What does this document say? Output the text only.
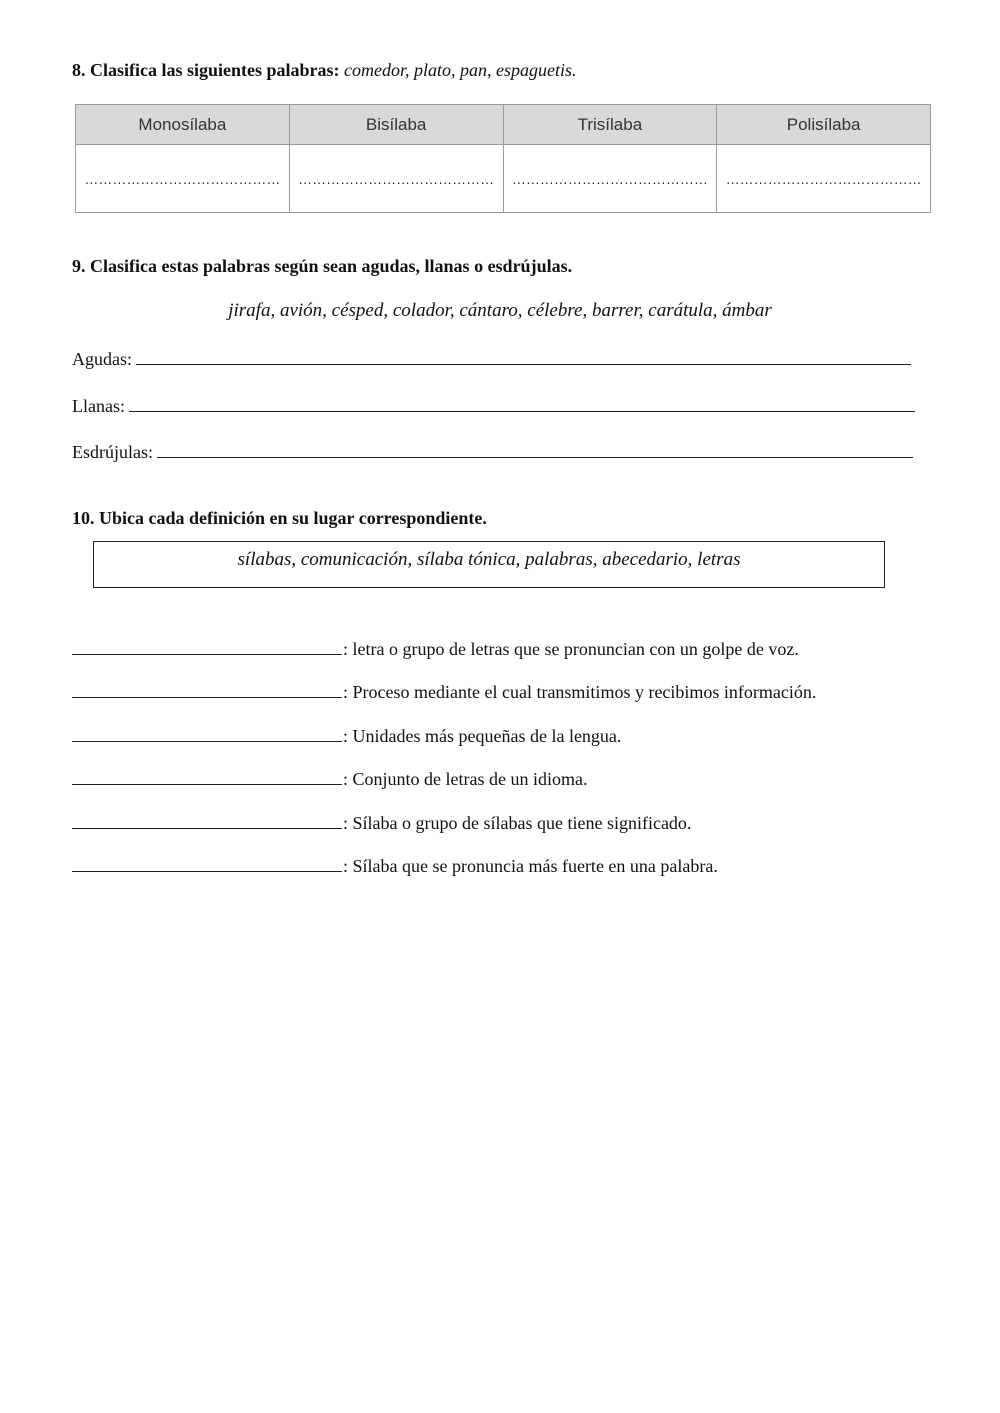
8. Clasifica las siguientes palabras: comedor, plato, pan, espaguetis.

Monosílaba	Bisílaba	Trisílaba	Polisílaba
……………………………………	……………………………………	……………………………………	……………………………………

9. Clasifica estas palabras según sean agudas, llanas o esdrújulas.

jirafa, avión, césped, colador, cántaro, célebre, barrer, carátula, ámbar

Agudas:
Llanas:
Esdrújulas:

10. Ubica cada definición en su lugar correspondiente.

sílabas, comunicación, sílaba tónica, palabras, abecedario, letras
: letra o grupo de letras que se pronuncian con un golpe de voz.
: Proceso mediante el cual transmitimos y recibimos información.
: Unidades más pequeñas de la lengua.
: Conjunto de letras de un idioma.
: Sílaba o grupo de sílabas que tiene significado.
: Sílaba que se pronuncia más fuerte en una palabra.
